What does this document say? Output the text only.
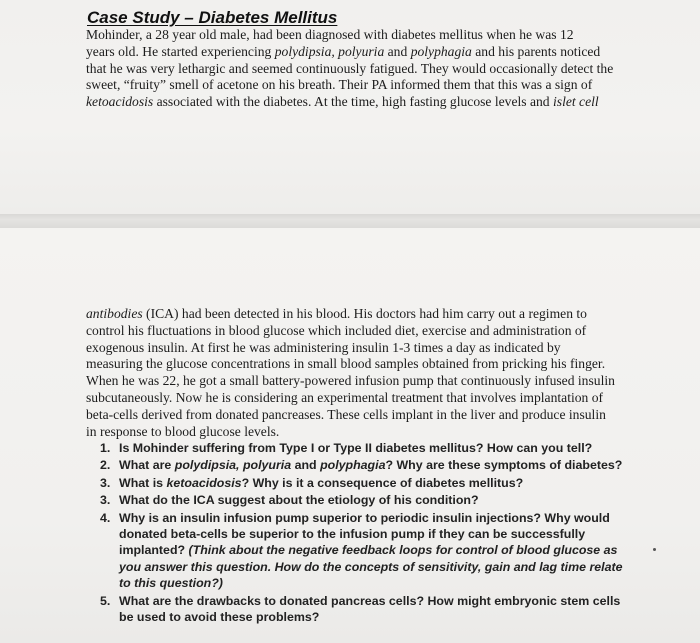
Case Study – Diabetes Mellitus

Mohinder, a 28 year old male, had been diagnosed with diabetes mellitus when he was 12
years old. He started experiencing polydipsia, polyuria and polyphagia and his parents noticed
that he was very lethargic and seemed continuously fatigued. They would occasionally detect the
sweet, “fruity” smell of acetone on his breath. Their PA informed them that this was a sign of
ketoacidosis associated with the diabetes. At the time, high fasting glucose levels and islet cell

antibodies (ICA) had been detected in his blood. His doctors had him carry out a regimen to
control his fluctuations in blood glucose which included diet, exercise and administration of
exogenous insulin. At first he was administering insulin 1-3 times a day as indicated by
measuring the glucose concentrations in small blood samples obtained from pricking his finger.
When he was 22, he got a small battery-powered infusion pump that continuously infused insulin
subcutaneously. Now he is considering an experimental treatment that involves implantation of
beta-cells derived from donated pancreases. These cells implant in the liver and produce insulin
in response to blood glucose levels.

1. Is Mohinder suffering from Type I or Type II diabetes mellitus? How can you tell?
2. What are polydipsia, polyuria and polyphagia? Why are these symptoms of diabetes?
3. What is ketoacidosis? Why is it a consequence of diabetes mellitus?
3. What do the ICA suggest about the etiology of his condition?
4. Why is an insulin infusion pump superior to periodic insulin injections? Why would
donated beta-cells be superior to the infusion pump if they can be successfully
implanted? (Think about the negative feedback loops for control of blood glucose as
you answer this question. How do the concepts of sensitivity, gain and lag time relate
to this question?)
5. What are the drawbacks to donated pancreas cells? How might embryonic stem cells
be used to avoid these problems?
